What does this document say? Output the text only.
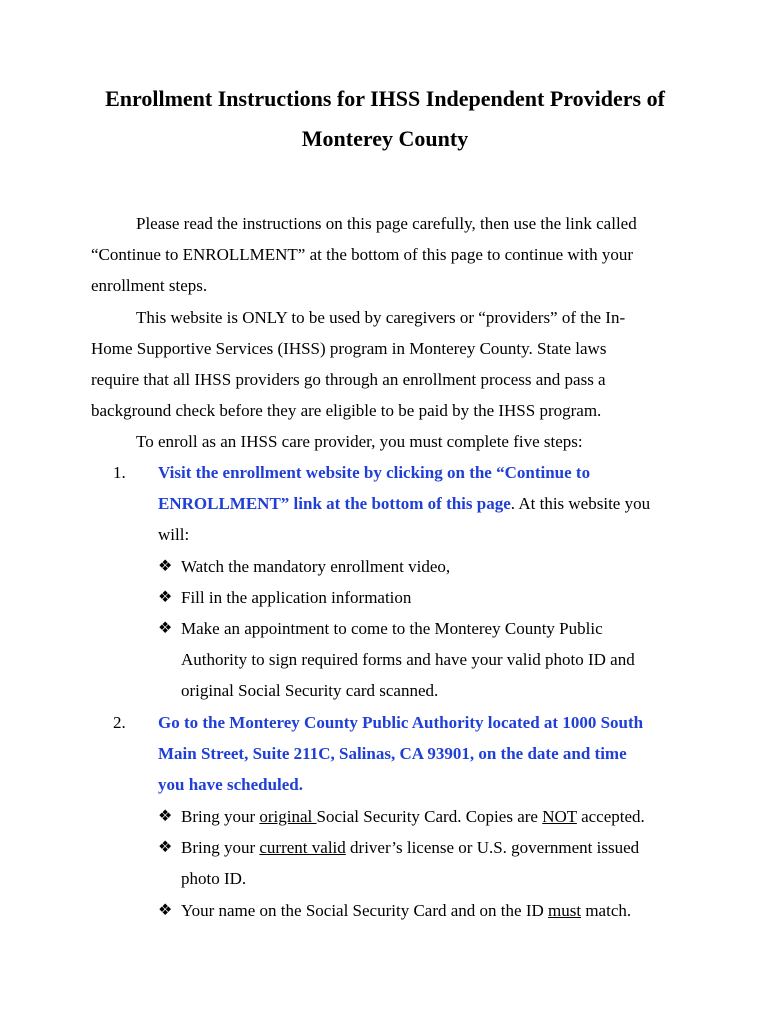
Enrollment Instructions for IHSS Independent Providers of
Monterey County
Please read the instructions on this page carefully, then use the link called
“Continue to ENROLLMENT” at the bottom of this page to continue with your
enrollment steps.
This website is ONLY to be used by caregivers or “providers” of the In-
Home Supportive Services (IHSS) program in Monterey County. State laws
require that all IHSS providers go through an enrollment process and pass a
background check before they are eligible to be paid by the IHSS program.
To enroll as an IHSS care provider, you must complete five steps:
1. Visit the enrollment website by clicking on the “Continue to
ENROLLMENT” link at the bottom of this page. At this website you
will:
❖ Watch the mandatory enrollment video,
❖ Fill in the application information
❖ Make an appointment to come to the Monterey County Public
Authority to sign required forms and have your valid photo ID and
original Social Security card scanned.
2. Go to the Monterey County Public Authority located at 1000 South
Main Street, Suite 211C, Salinas, CA 93901, on the date and time
you have scheduled.
❖ Bring your original Social Security Card. Copies are NOT accepted.
❖ Bring your current valid driver’s license or U.S. government issued
photo ID.
❖ Your name on the Social Security Card and on the ID must match.
